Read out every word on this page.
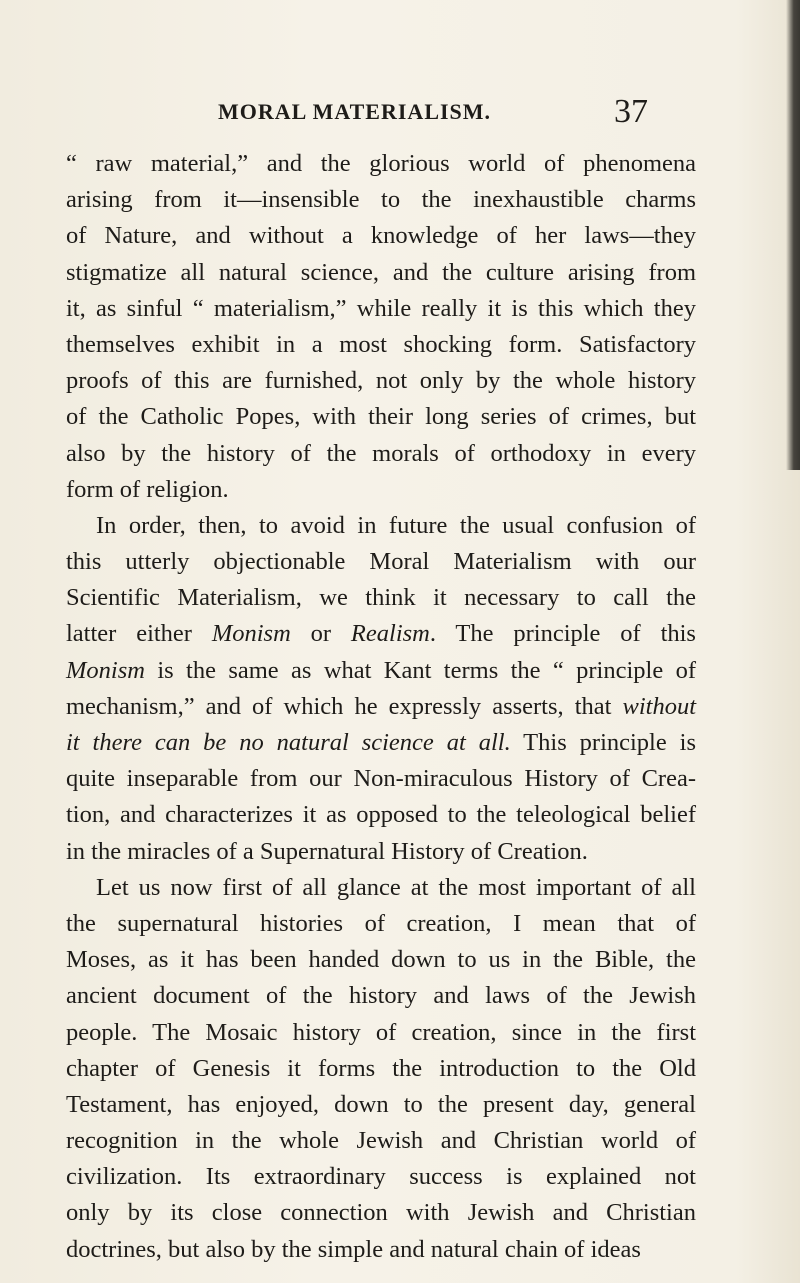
MORAL MATERIALISM.	37
“ raw material,” and the glorious world of phenomena
arising from it—insensible to the inexhaustible charms
of Nature, and without a knowledge of her laws—they
stigmatize all natural science, and the culture arising from
it, as sinful “ materialism,” while really it is this which they
themselves exhibit in a most shocking form. Satisfactory
proofs of this are furnished, not only by the whole history
of the Catholic Popes, with their long series of crimes, but
also by the history of the morals of orthodoxy in every
form of religion.
In order, then, to avoid in future the usual confusion of
this utterly objectionable Moral Materialism with our
Scientific Materialism, we think it necessary to call the
latter either Monism or Realism. The principle of this
Monism is the same as what Kant terms the “ principle of
mechanism,” and of which he expressly asserts, that without
it there can be no natural science at all. This principle is
quite inseparable from our Non-miraculous History of Crea-
tion, and characterizes it as opposed to the teleological belief
in the miracles of a Supernatural History of Creation.
Let us now first of all glance at the most important of all
the supernatural histories of creation, I mean that of
Moses, as it has been handed down to us in the Bible, the
ancient document of the history and laws of the Jewish
people. The Mosaic history of creation, since in the first
chapter of Genesis it forms the introduction to the Old
Testament, has enjoyed, down to the present day, general
recognition in the whole Jewish and Christian world of
civilization. Its extraordinary success is explained not
only by its close connection with Jewish and Christian
doctrines, but also by the simple and natural chain of ideas
